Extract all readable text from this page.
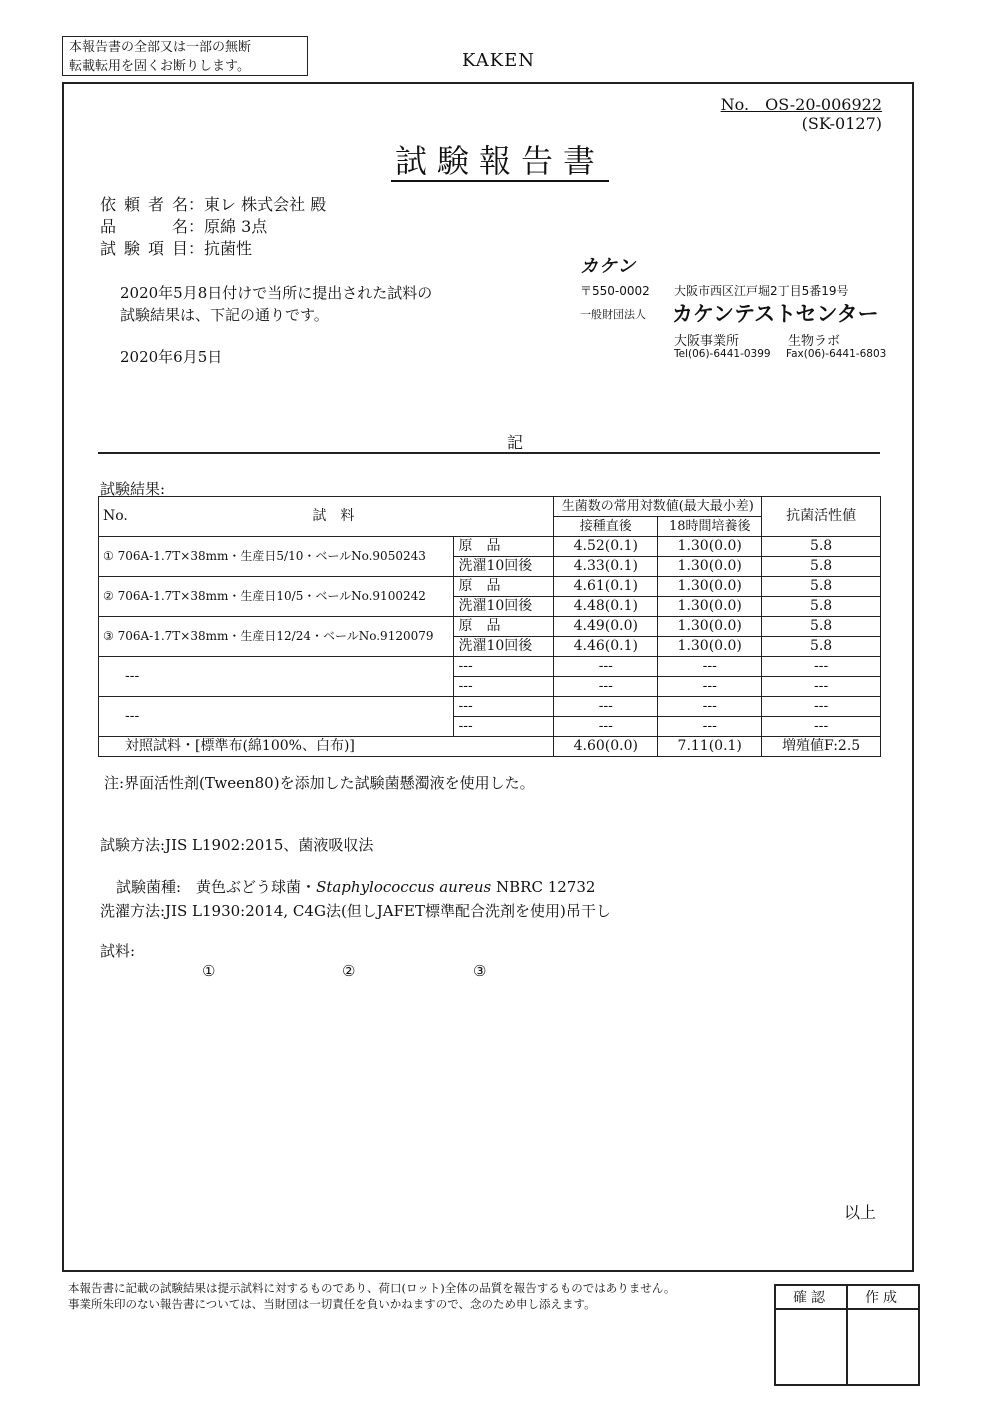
本報告書の全部又は一部の無断
転載転用を固くお断りします。	KAKEN
No.　OS-20-006922
(SK-0127)
試験報告書
依頼者名：東レ 株式会社 殿
品名：原綿 3点
試験項目：抗菌性
2020年5月8日付けで当所に提出された試料の
試験結果は、下記の通りです。
2020年6月5日
カケン
〒550-0002 大阪市西区江戸堀2丁目5番19号
一般財団法人 カケンテストセンター
大阪事業所	生物ラボ
Tel(06)-6441-0399 Fax(06)-6441-6803
記
試験結果:
No. 試　料		生菌数の常用対数値(最大最小差)		抗菌活性値
		接種直後	18時間培養後	
① 706A-1.7T×38mm・生産日5/10・ベールNo.9050243	原　品	4.52(0.1)	1.30(0.0)	5.8
	洗濯10回後	4.33(0.1)	1.30(0.0)	5.8
② 706A-1.7T×38mm・生産日10/5・ベールNo.9100242	原　品	4.61(0.1)	1.30(0.0)	5.8
	洗濯10回後	4.48(0.1)	1.30(0.0)	5.8
③ 706A-1.7T×38mm・生産日12/24・ベールNo.9120079	原　品	4.49(0.0)	1.30(0.0)	5.8
	洗濯10回後	4.46(0.1)	1.30(0.0)	5.8
---	---	---	---	---
	---	---	---	---
---	---	---	---	---
	---	---	---	---
対照試料・[標準布(綿100%、白布)]		4.60(0.0)	7.11(0.1)	増殖値F:2.5
注:界面活性剤(Tween80)を添加した試験菌懸濁液を使用した。
試験方法:JIS L1902:2015、菌液吸収法
試験菌種:　黄色ぶどう球菌・Staphylococcus aureus NBRC 12732
洗濯方法:JIS L1930:2014, C4G法(但しJAFET標準配合洗剤を使用)吊干し
試料:
①	②	③
以上
本報告書に記載の試験結果は提示試料に対するものであり、荷口(ロット)全体の品質を報告するものではありません。
事業所朱印のない報告書については、当財団は一切責任を負いかねますので、念のため申し添えます。	確認	作成
